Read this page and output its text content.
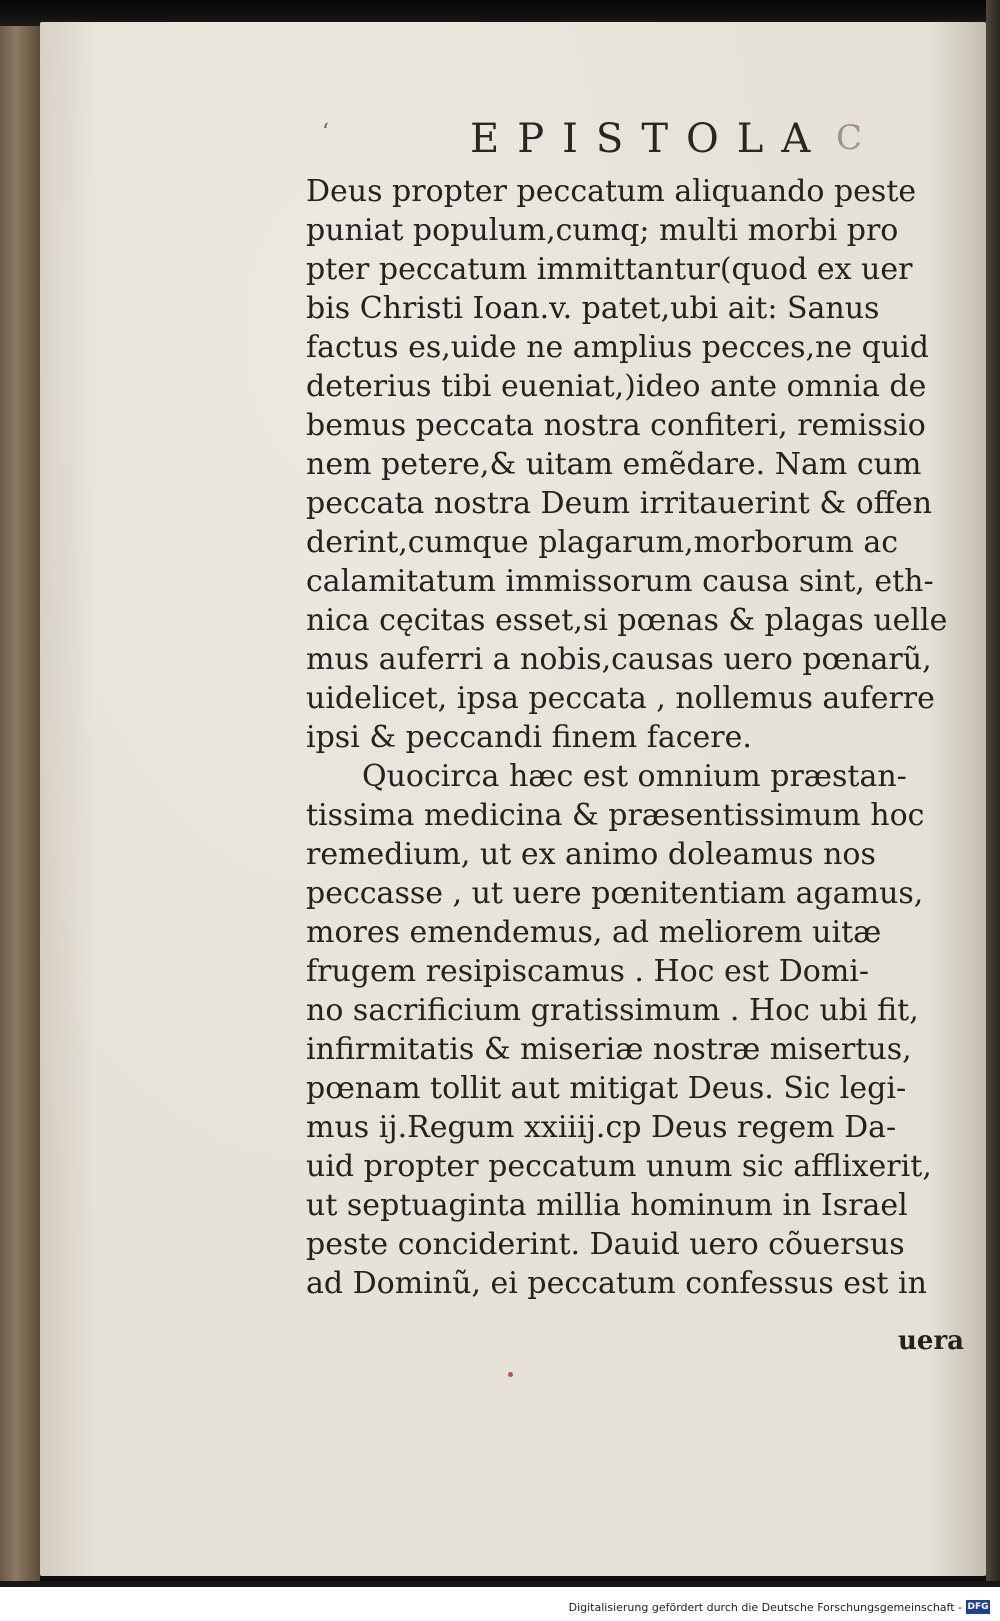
‘	EPISTOLA C
Deus propter peccatum aliquando peste
puniat populum,cumq; multi morbi pro
pter peccatum immittantur(quod ex uer
bis Christi Ioan.v. patet,ubi ait: Sanus
factus es,uide ne amplius pecces,ne quid
deterius tibi eueniat,)ideo ante omnia de
bemus peccata nostra confiteri, remissio
nem petere,& uitam emẽdare. Nam cum
peccata nostra Deum irritauerint & offen
derint,cumque plagarum,morborum ac
calamitatum immissorum causa sint, eth-
nica cęcitas esset,si pœnas & plagas uelle
mus auferri a nobis,causas uero pœnarũ,
uidelicet, ipsa peccata , nollemus auferre
ipsi & peccandi finem facere.
Quocirca hæc est omnium præstan-
tissima medicina & præsentissimum hoc
remedium, ut ex animo doleamus nos
peccasse , ut uere pœnitentiam agamus,
mores emendemus, ad meliorem uitæ
frugem resipiscamus . Hoc est Domi-
no sacrificium gratissimum . Hoc ubi fit,
infirmitatis & miseriæ nostræ misertus,
pœnam tollit aut mitigat Deus. Sic legi-
mus ij.Regum xxiiij.cp Deus regem Da-
uid propter peccatum unum sic afflixerit,
ut septuaginta millia hominum in Israel
peste conciderint. Dauid uero cõuersus
ad Dominũ, ei peccatum confessus est in
uera
Digitalisierung gefördert durch die Deutsche Forschungsgemeinschaft - DFG
